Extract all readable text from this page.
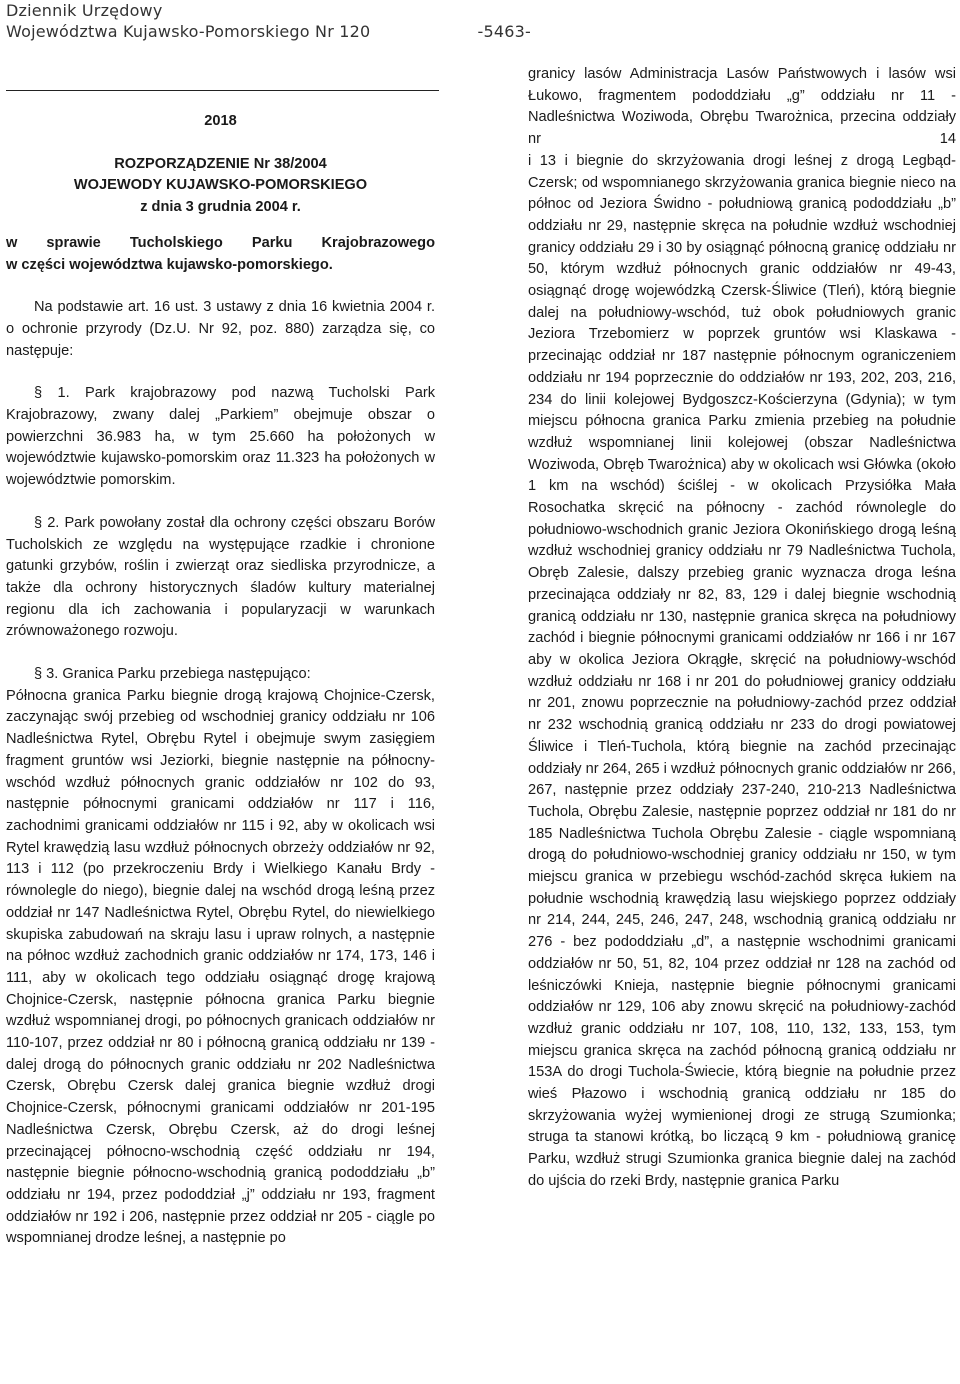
Dziennik Urzędowy
Województwa Kujawsko-Pomorskiego Nr 120	-5463-
2018
ROZPORZĄDZENIE Nr 38/2004
WOJEWODY KUJAWSKO-POMORSKIEGO
z dnia 3 grudnia 2004 r.
w sprawie Tucholskiego Parku Krajobrazowego
w części województwa kujawsko-pomorskiego.

Na podstawie art. 16 ust. 3 ustawy z dnia 16 kwietnia 2004 r. o ochronie przyrody (Dz.U. Nr 92, poz. 880) zarządza się, co następuje:

§ 1. Park krajobrazowy pod nazwą Tucholski Park Krajobrazowy, zwany dalej „Parkiem” obejmuje obszar o powierzchni 36.983 ha, w tym 25.660 ha położonych w województwie kujawsko-pomorskim oraz 11.323 ha położonych w województwie pomorskim.

§ 2. Park powołany został dla ochrony części obszaru Borów Tucholskich ze względu na występujące rzadkie i chronione gatunki grzybów, roślin i zwierząt oraz siedliska przyrodnicze, a także dla ochrony historycznych śladów kultury materialnej regionu dla ich zachowania i popularyzacji w warunkach zrównoważonego rozwoju.

§ 3. Granica Parku przebiega następująco:

Północna granica Parku biegnie drogą krajową Chojnice-Czersk, zaczynając swój przebieg od wschodniej granicy oddziału nr 106 Nadleśnictwa Rytel, Obrębu Rytel i obejmuje swym zasięgiem fragment gruntów wsi Jeziorki, biegnie następnie na północny-wschód wzdłuż północnych granic oddziałów nr 102 do 93, następnie północnymi granicami oddziałów nr 117 i 116, zachodnimi granicami oddziałów nr 115 i 92, aby w okolicach wsi Rytel krawędzią lasu wzdłuż północnych obrzeży oddziałów nr 92, 113 i 112 (po przekroczeniu Brdy i Wielkiego Kanału Brdy - równolegle do niego), biegnie dalej na wschód drogą leśną przez oddział nr 147 Nadleśnictwa Rytel, Obrębu Rytel, do niewielkiego skupiska zabudowań na skraju lasu i upraw rolnych, a następnie na północ wzdłuż zachodnich granic oddziałów nr 174, 173, 146 i 111, aby w okolicach tego oddziału osiągnąć drogę krajową Chojnice-Czersk, następnie północna granica Parku biegnie wzdłuż wspomnianej drogi, po północnych granicach oddziałów nr 110-107, przez oddział nr 80 i północną granicą oddziału nr 139 - dalej drogą do północnych granic oddziału nr 202 Nadleśnictwa Czersk, Obrębu Czersk dalej granica biegnie wzdłuż drogi Chojnice-Czersk, północnymi granicami oddziałów nr 201-195 Nadleśnictwa Czersk, Obrębu Czersk, aż do drogi leśnej przecinającej północno-wschodnią część oddziału nr 194, następnie biegnie północno-wschodnią granicą pododdziału „b” oddziału nr 194, przez pododdział „j” oddziału nr 193, fragment oddziałów nr 192 i 206, następnie przez oddział nr 205 - ciągle po wspomnianej drodze leśnej, a następnie po

granicy lasów Administracja Lasów Państwowych i lasów wsi Łukowo, fragmentem pododdziału „g” oddziału nr 11 - Nadleśnictwa Woziwoda, Obrębu Twarożnica, przecina oddziały nr 14

i 13 i biegnie do skrzyżowania drogi leśnej z drogą Legbąd-Czersk; od wspomnianego skrzyżowania granica biegnie nieco na północ od Jeziora Świdno - południową granicą pododdziału „b” oddziału nr 29, następnie skręca na południe wzdłuż wschodniej granicy oddziału 29 i 30 by osiągnąć północną granicę oddziału nr 50, którym wzdłuż północnych granic oddziałów nr 49-43, osiągnąć drogę wojewódzką Czersk-Śliwice (Tleń), którą biegnie dalej na południowy-wschód, tuż obok południowych granic Jeziora Trzebomierz w poprzek gruntów wsi Klaskawa - przecinając oddział nr 187 następnie północnym ograniczeniem oddziału nr 194 poprzecznie do oddziałów nr 193, 202, 203, 216, 234 do linii kolejowej Bydgoszcz-Kościerzyna (Gdynia); w tym miejscu północna granica Parku zmienia przebieg na południe wzdłuż wspomnianej linii kolejowej (obszar Nadleśnictwa Woziwoda, Obręb Twarożnica) aby w okolicach wsi Główka (około 1 km na wschód) ściślej - w okolicach Przysiółka Mała Rosochatka skręcić na północny - zachód równolegle do południowo-wschodnich granic Jeziora Okonińskiego drogą leśną wzdłuż wschodniej granicy oddziału nr 79 Nadleśnictwa Tuchola, Obręb Zalesie, dalszy przebieg granic wyznacza droga leśna przecinająca oddziały nr 82, 83, 129 i dalej biegnie wschodnią granicą oddziału nr 130, następnie granica skręca na południowy zachód i biegnie północnymi granicami oddziałów nr 166 i nr 167 aby w okolica Jeziora Okrągłe, skręcić na południowy-wschód wzdłuż oddziału nr 168 i nr 201 do południowej granicy oddziału nr 201, znowu poprzecznie na południowy-zachód przez oddział nr 232 wschodnią granicą oddziału nr 233 do drogi powiatowej Śliwice i Tleń-Tuchola, którą biegnie na zachód przecinając oddziały nr 264, 265 i wzdłuż północnych granic oddziałów nr 266, 267, następnie przez oddziały 237-240, 210-213 Nadleśnictwa Tuchola, Obrębu Zalesie, następnie poprzez oddział nr 181 do nr 185 Nadleśnictwa Tuchola Obrębu Zalesie - ciągle wspomnianą drogą do południowo-wschodniej granicy oddziału nr 150, w tym miejscu granica w przebiegu wschód-zachód skręca łukiem na południe wschodnią krawędzią lasu wiejskiego poprzez oddziały nr 214, 244, 245, 246, 247, 248, wschodnią granicą oddziału nr 276 - bez pododdziału „d”, a następnie wschodnimi granicami oddziałów nr 50, 51, 82, 104 przez oddział nr 128 na zachód od leśniczówki Knieja, następnie biegnie północnymi granicami oddziałów nr 129, 106 aby znowu skręcić na południowy-zachód wzdłuż granic oddziału nr 107, 108, 110, 132, 133, 153, tym miejscu granica skręca na zachód północną granicą oddziału nr 153A do drogi Tuchola-Świecie, którą biegnie na południe przez wieś Płazowo i wschodnią granicą oddziału nr 185 do skrzyżowania wyżej wymienionej drogi ze strugą Szumionka; struga ta stanowi krótką, bo liczącą 9 km - południową granicę Parku, wzdłuż strugi Szumionka granica biegnie dalej na zachód do ujścia do rzeki Brdy, następnie granica Parku
